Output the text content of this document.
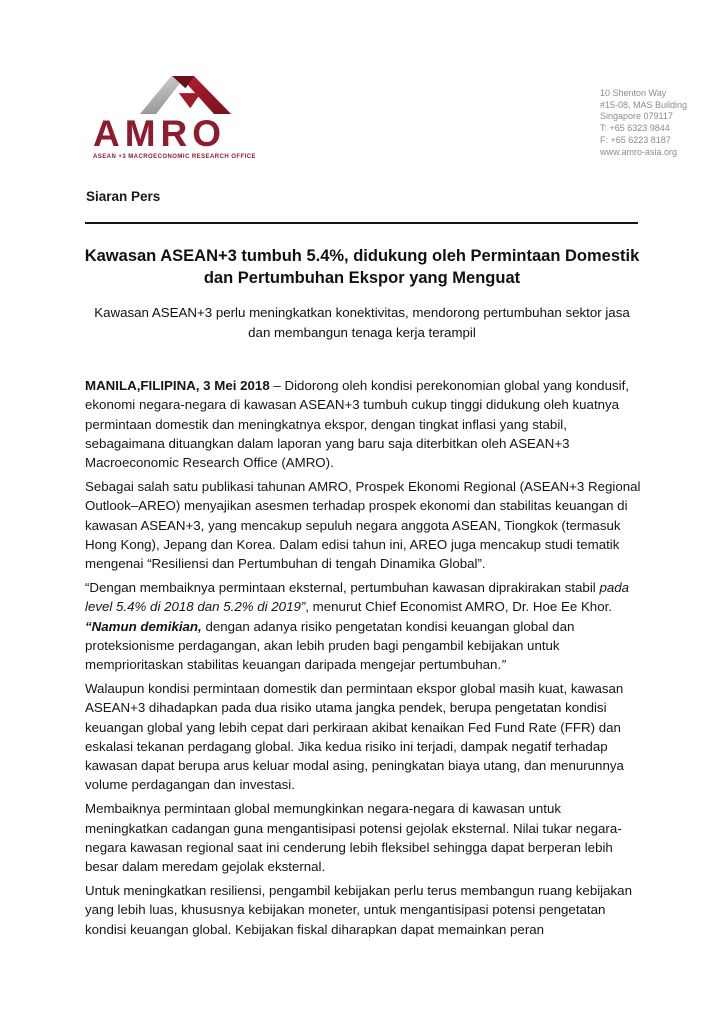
AMRO
ASEAN +3 MACROECONOMIC RESEARCH OFFICE
10 Shenton Way
#15-08, MAS Building
Singapore 079117
T: +65 6323 9844
F: +65 6223 8187
www.amro-asia.org
Siaran Pers
Kawasan ASEAN+3 tumbuh 5.4%, didukung oleh Permintaan Domestik dan Pertumbuhan Ekspor yang Menguat
Kawasan ASEAN+3 perlu meningkatkan konektivitas, mendorong pertumbuhan sektor jasa dan membangun tenaga kerja terampil

MANILA,FILIPINA, 3 Mei 2018 – Didorong oleh kondisi perekonomian global yang kondusif, ekonomi negara-negara di kawasan ASEAN+3 tumbuh cukup tinggi didukung oleh kuatnya permintaan domestik dan meningkatnya ekspor, dengan tingkat inflasi yang stabil, sebagaimana dituangkan dalam laporan yang baru saja diterbitkan oleh ASEAN+3 Macroeconomic Research Office (AMRO).

Sebagai salah satu publikasi tahunan AMRO, Prospek Ekonomi Regional (ASEAN+3 Regional Outlook–AREO) menyajikan asesmen terhadap prospek ekonomi dan stabilitas keuangan di kawasan ASEAN+3, yang mencakup sepuluh negara anggota ASEAN, Tiongkok (termasuk Hong Kong), Jepang dan Korea. Dalam edisi tahun ini, AREO juga mencakup studi tematik mengenai “Resiliensi dan Pertumbuhan di tengah Dinamika Global”.

“Dengan membaiknya permintaan eksternal, pertumbuhan kawasan diprakirakan stabil pada level 5.4% di 2018 dan 5.2% di 2019”, menurut Chief Economist AMRO, Dr. Hoe Ee Khor. “Namun demikian, dengan adanya risiko pengetatan kondisi keuangan global dan proteksionisme perdagangan, akan lebih pruden bagi pengambil kebijakan untuk memprioritaskan stabilitas keuangan daripada mengejar pertumbuhan.”

Walaupun kondisi permintaan domestik dan permintaan ekspor global masih kuat, kawasan ASEAN+3 dihadapkan pada dua risiko utama jangka pendek, berupa pengetatan kondisi keuangan global yang lebih cepat dari perkiraan akibat kenaikan Fed Fund Rate (FFR) dan eskalasi tekanan perdagang global. Jika kedua risiko ini terjadi, dampak negatif terhadap kawasan dapat berupa arus keluar modal asing, peningkatan biaya utang, dan menurunnya volume perdagangan dan investasi.

Membaiknya permintaan global memungkinkan negara-negara di kawasan untuk meningkatkan cadangan guna mengantisipasi potensi gejolak eksternal. Nilai tukar negara-negara kawasan regional saat ini cenderung lebih fleksibel sehingga dapat berperan lebih besar dalam meredam gejolak eksternal.

Untuk meningkatkan resiliensi, pengambil kebijakan perlu terus membangun ruang kebijakan yang lebih luas, khususnya kebijakan moneter, untuk mengantisipasi potensi pengetatan kondisi keuangan global. Kebijakan fiskal diharapkan dapat memainkan peran
